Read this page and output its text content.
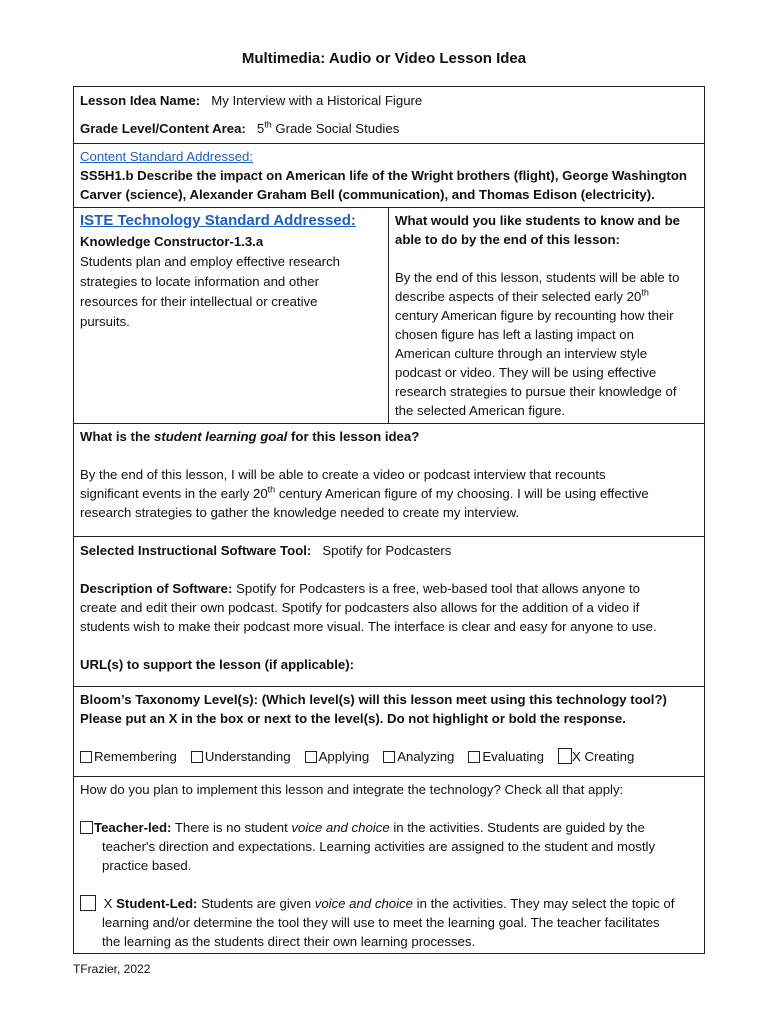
Multimedia: Audio or Video Lesson Idea
Lesson Idea Name: My Interview with a Historical Figure
Grade Level/Content Area: 5th Grade Social Studies
Content Standard Addressed:
SS5H1.b Describe the impact on American life of the Wright brothers (flight), George Washington Carver (science), Alexander Graham Bell (communication), and Thomas Edison (electricity).
ISTE Technology Standard Addressed:
Knowledge Constructor-1.3.a
Students plan and employ effective research
strategies to locate information and other
resources for their intellectual or creative
pursuits.
What would you like students to know and be
able to do by the end of this lesson:
By the end of this lesson, students will be able to
describe aspects of their selected early 20th
century American figure by recounting how their
chosen figure has left a lasting impact on
American culture through an interview style
podcast or video. They will be using effective
research strategies to pursue their knowledge of
the selected American figure.
What is the student learning goal for this lesson idea?
By the end of this lesson, I will be able to create a video or podcast interview that recounts
significant events in the early 20th century American figure of my choosing. I will be using effective
research strategies to gather the knowledge needed to create my interview.
Selected Instructional Software Tool: Spotify for Podcasters
Description of Software: Spotify for Podcasters is a free, web-based tool that allows anyone to
create and edit their own podcast. Spotify for podcasters also allows for the addition of a video if
students wish to make their podcast more visual. The interface is clear and easy for anyone to use.
URL(s) to support the lesson (if applicable):
Bloom’s Taxonomy Level(s): (Which level(s) will this lesson meet using this technology tool?)
Please put an X in the box or next to the level(s). Do not highlight or bold the response.
Remembering	Understanding	Applying	Analyzing	Evaluating	X Creating
How do you plan to implement this lesson and integrate the technology? Check all that apply:
Teacher-led: There is no student voice and choice in the activities. Students are guided by the
teacher's direction and expectations. Learning activities are assigned to the student and mostly
practice based.
X Student-Led: Students are given voice and choice in the activities. They may select the topic of
learning and/or determine the tool they will use to meet the learning goal. The teacher facilitates
the learning as the students direct their own learning processes.
TFrazier, 2022
